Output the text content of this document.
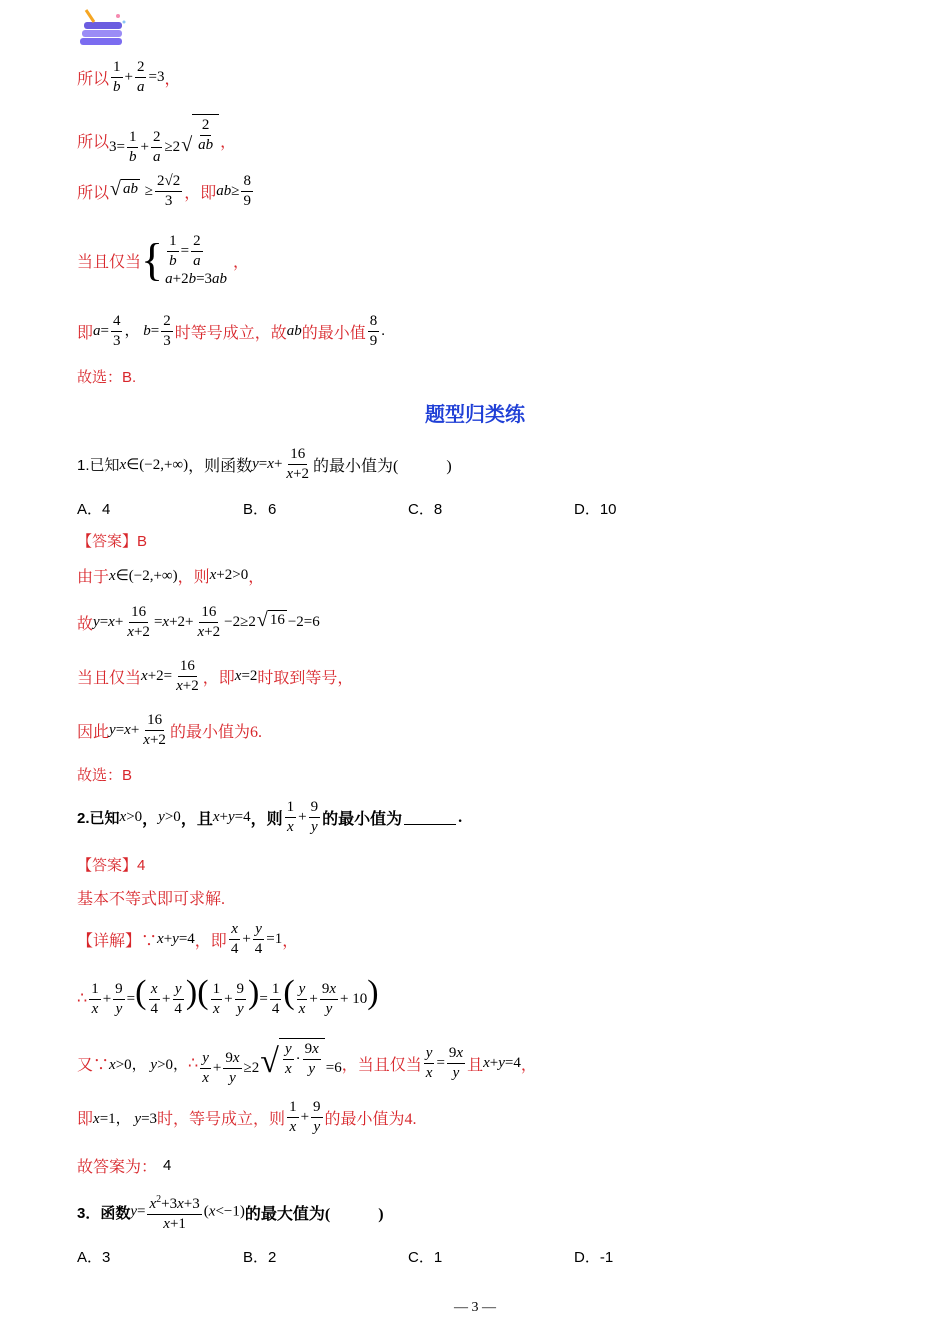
所以 $\frac{1}{b} + \frac{2}{a} =3$ ，
所以 $3= \frac{1}{b} + \frac{2}{a} \ge 2$ √ $\frac{2}{ab}$ ，
所以 √ ab ≥ $\frac{2√2}{3}$ ，即 $ab\ge \frac{8}{9}$
当且仅当 { $\frac{1}{b} = \frac{2}{a}$
a+2b=3ab
，
即 $a= \frac{4}{3}$ ， $b= \frac{2}{3}$ 时等号成立，故 ab 的最小值 $\frac{8}{9}$ .
故选：B.
题型归类练
1.已知 x∈(−2,+∞) ，则函数 $y=x+ \frac{16}{x+2}$ 的最小值为(　　　)
A．4	B．6	C．8	D．10
【答案】B
由于 x∈(−2,+∞) ，则 x+2>0 ，
故 $y=x+ \frac{16}{x+2} =x+2+ \frac{16}{x+2} -2\ge 2$ √ 16 −2=6
当且仅当 $x+2= \frac{16}{x+2}$ ，即 x=2 时取到等号，
因此 $y=x+ \frac{16}{x+2}$ 的最小值为6.
故选：B
2.已知 x>0 ， y>0 ，且 x+y=4 ，则 $\frac{1}{x} + \frac{9}{y}$ 的最小值为	.
【答案】4
基本不等式即可求解.
【详解】∵ x+y=4 ，即 $\frac{x}{4} + \frac{y}{4} =1$ ，
∴ $\frac{1}{x} + \frac{9}{y}$ =( $\frac{x}{4} + \frac{y}{4}$ )( $\frac{1}{x} + \frac{9}{y}$ )= $\frac{1}{4}$ ( $\frac{y}{x} + \frac{9x}{y} + 10$)
又∵ x>0， y>0， ∴ $\frac{y}{x} + \frac{9x}{y} \ge 2$ √ $\frac{y}{x} \cdot \frac{9x}{y} =6$ ，当且仅当 $\frac{y}{x} = \frac{9x}{y}$ 且 x+y=4 ，
即 x=1， y=3 时，等号成立，则 $\frac{1}{x} + \frac{9}{y}$ 的最小值为4.
故答案为： 4
3．函数 $y= \frac{x^2+3x+3}{x+1} (x<-1)$ 的最大值为(　　　)
A．3	B．2	C．1	D．-1
— 3 —
